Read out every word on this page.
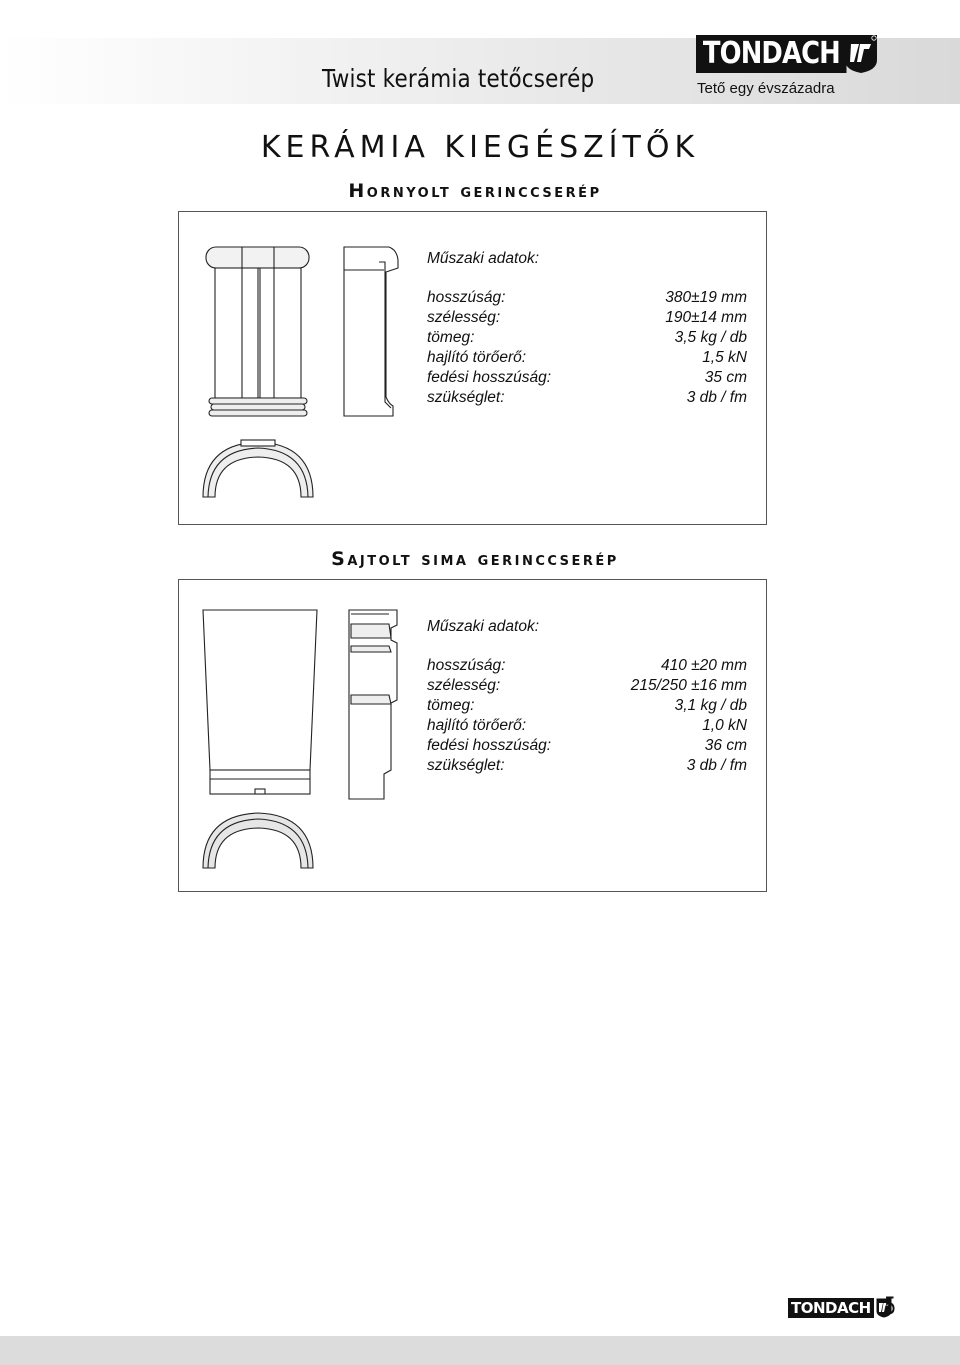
Twist kerámia tetőcserép
TONDACH
Tető egy évszázadra
KERÁMIA KIEGÉSZÍTŐK
Hornyolt gerinccserép
Műszaki adatok:
hosszúság:	380±19 mm
szélesség:	190±14 mm
tömeg:	3,5 kg / db
hajlító törőerő:	1,5 kN
fedési hosszúság:	35 cm
szükséglet:	3 db / fm
Sajtolt sima gerinccserép
Műszaki adatok:
hosszúság:	410 ±20 mm
szélesség:	215/250 ±16 mm
tömeg:	3,1 kg / db
hajlító törőerő:	1,0 kN
fedési hosszúság:	36 cm
szükséglet:	3 db / fm
TONDACH 5
